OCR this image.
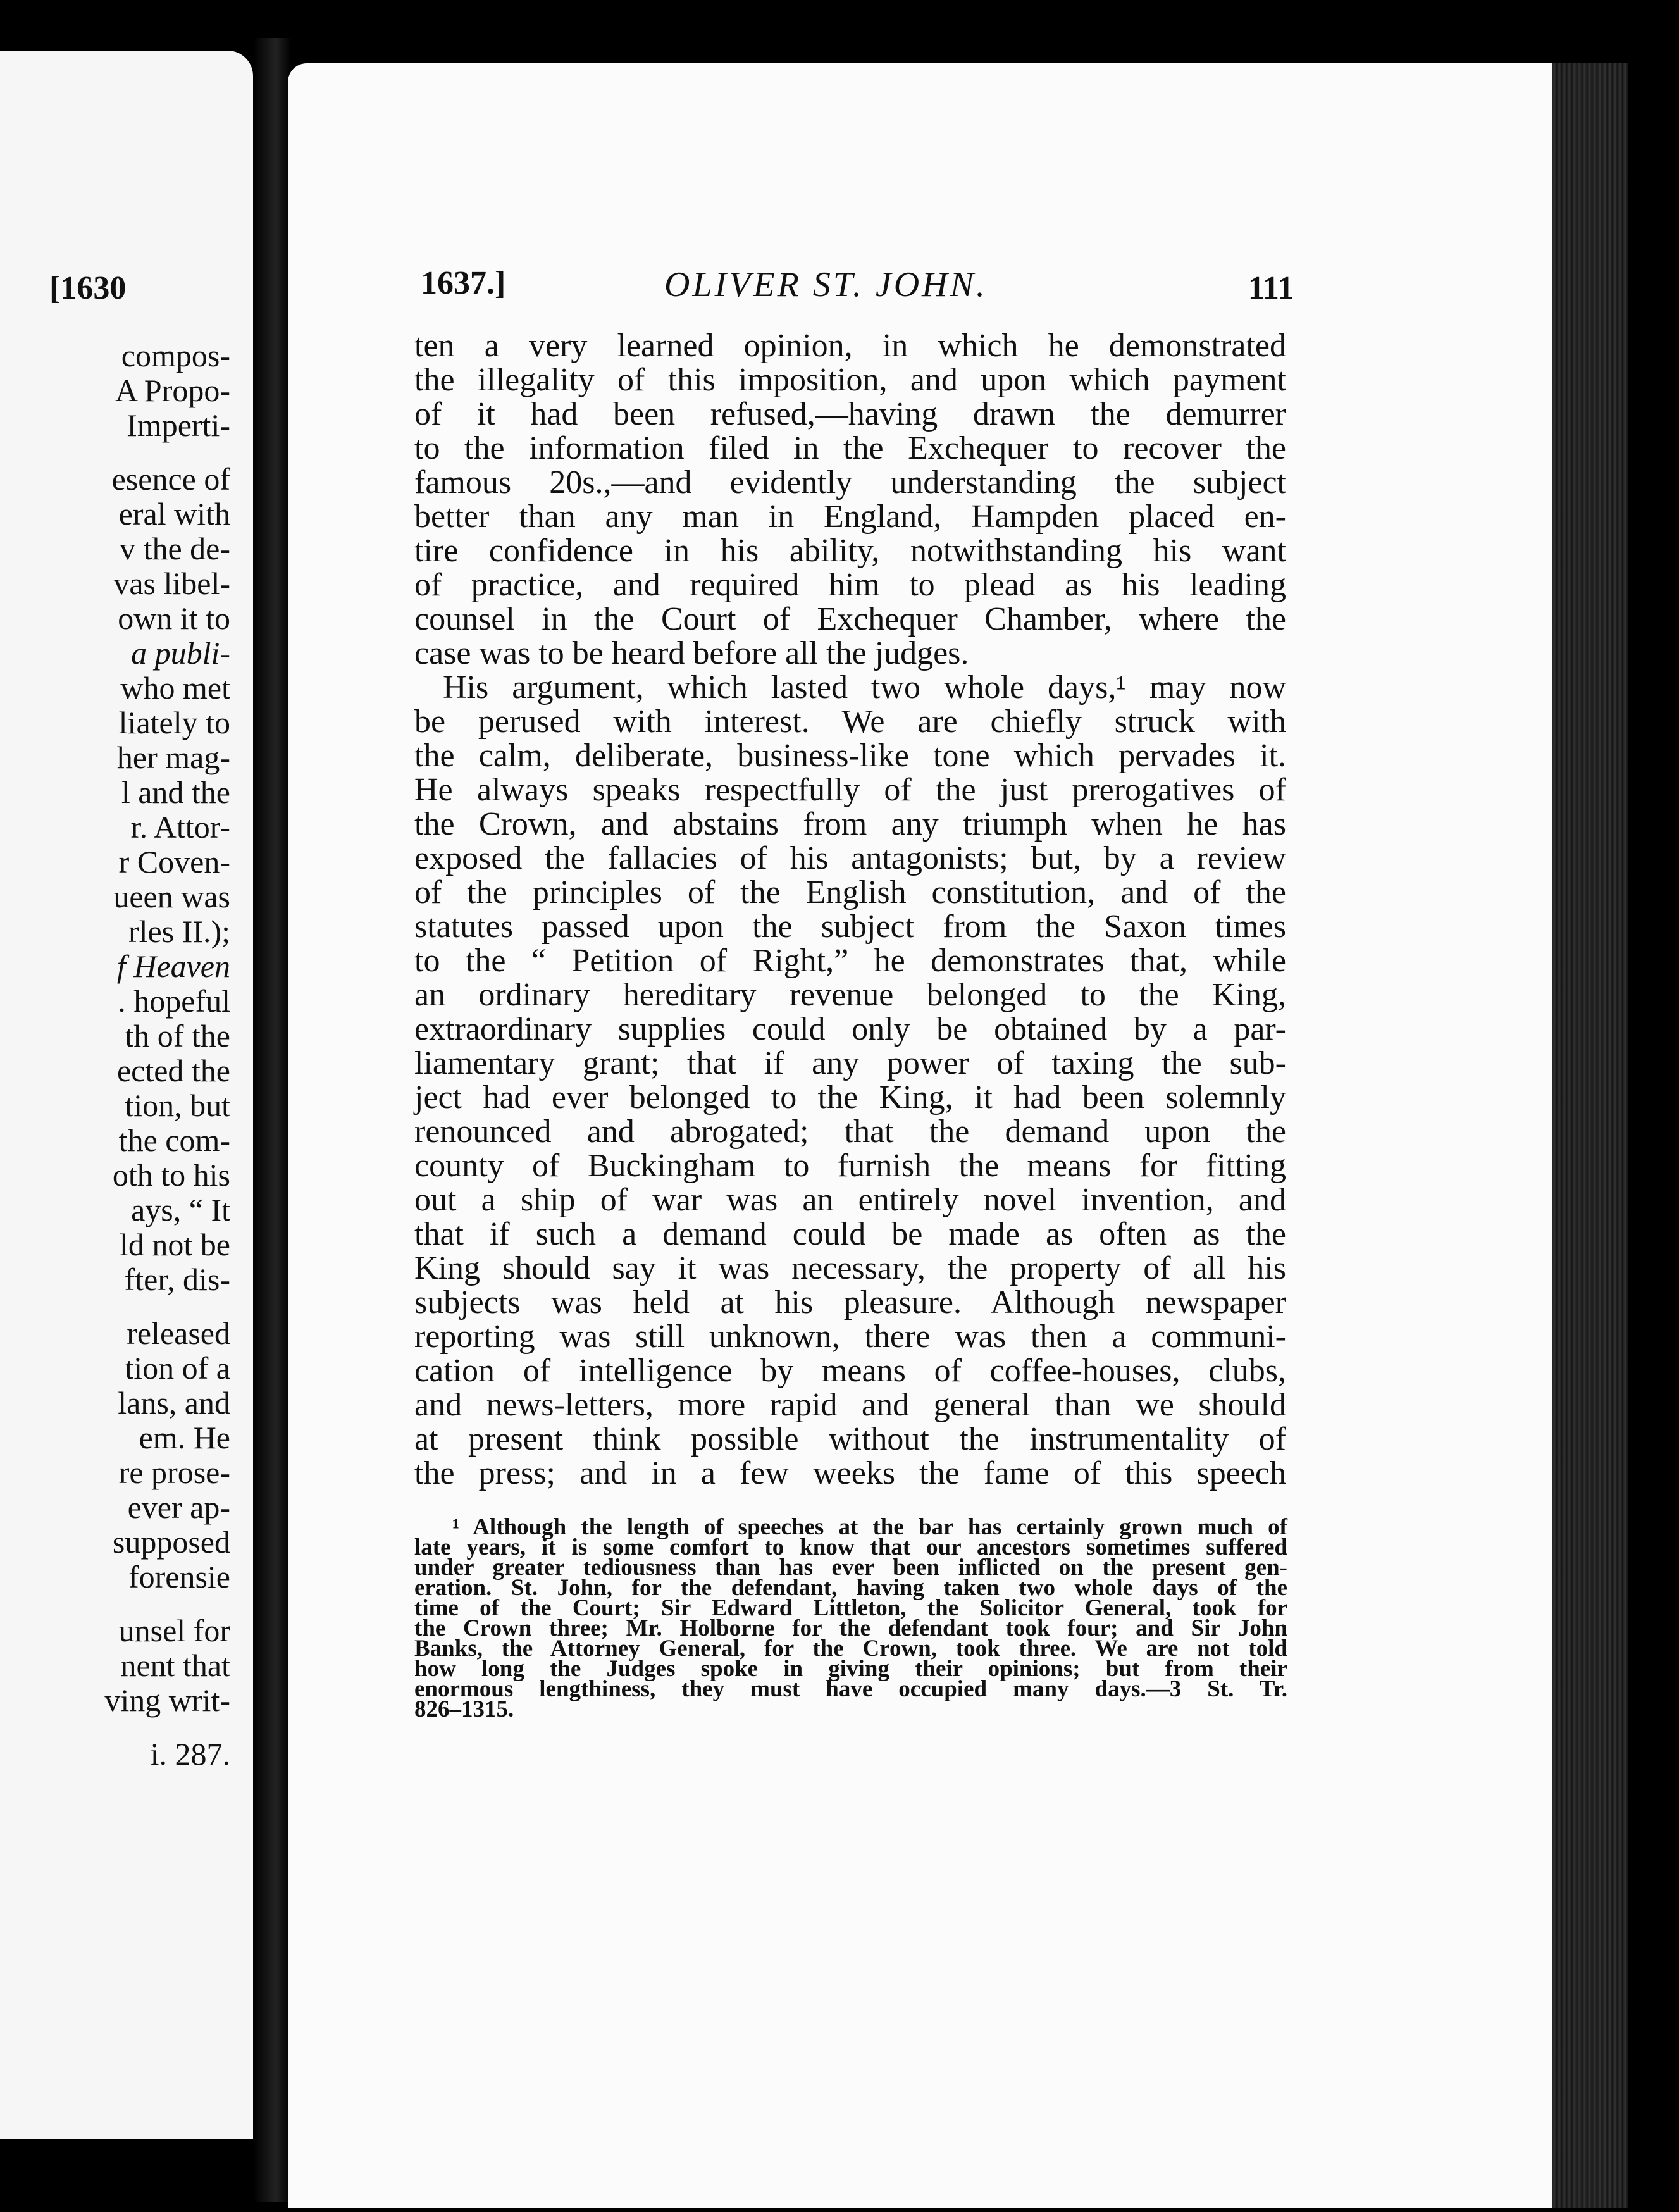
[1630
compos-
A Propo-
Imperti-
esence of
eral with
v the de-
vas libel-
own it to
a publi-
who met
liately to
her mag-
l and the
r. Attor-
r Coven-
ueen was
rles II.);
f Heaven
. hopeful
th of the
ected the
tion, but
the com-
oth to his
ays, “ It
ld not be
fter, dis-
released
tion of a
lans, and
em. He
re prose-
ever ap-
supposed
forensie
unsel for
nent that
ving writ-
i. 287.
1637.]	OLIVER ST. JOHN.	111
ten a very learned opinion, in which he demonstrated
the illegality of this imposition, and upon which payment
of it had been refused,—having drawn the demurrer
to the information filed in the Exchequer to recover the
famous 20s.,—and evidently understanding the subject
better than any man in England, Hampden placed en-
tire confidence in his ability, notwithstanding his want
of practice, and required him to plead as his leading
counsel in the Court of Exchequer Chamber, where the
case was to be heard before all the judges.
His argument, which lasted two whole days,¹ may now
be perused with interest. We are chiefly struck with
the calm, deliberate, business-like tone which pervades it.
He always speaks respectfully of the just prerogatives of
the Crown, and abstains from any triumph when he has
exposed the fallacies of his antagonists; but, by a review
of the principles of the English constitution, and of the
statutes passed upon the subject from the Saxon times
to the “ Petition of Right,” he demonstrates that, while
an ordinary hereditary revenue belonged to the King,
extraordinary supplies could only be obtained by a par-
liamentary grant; that if any power of taxing the sub-
ject had ever belonged to the King, it had been solemnly
renounced and abrogated; that the demand upon the
county of Buckingham to furnish the means for fitting
out a ship of war was an entirely novel invention, and
that if such a demand could be made as often as the
King should say it was necessary, the property of all his
subjects was held at his pleasure. Although newspaper
reporting was still unknown, there was then a communi-
cation of intelligence by means of coffee-houses, clubs,
and news-letters, more rapid and general than we should
at present think possible without the instrumentality of
the press; and in a few weeks the fame of this speech
¹ Although the length of speeches at the bar has certainly grown much of
late years, it is some comfort to know that our ancestors sometimes suffered
under greater tediousness than has ever been inflicted on the present gen-
eration. St. John, for the defendant, having taken two whole days of the
time of the Court; Sir Edward Littleton, the Solicitor General, took for
the Crown three; Mr. Holborne for the defendant took four; and Sir John
Banks, the Attorney General, for the Crown, took three. We are not told
how long the Judges spoke in giving their opinions; but from their
enormous lengthiness, they must have occupied many days.—3 St. Tr.
826–1315.
